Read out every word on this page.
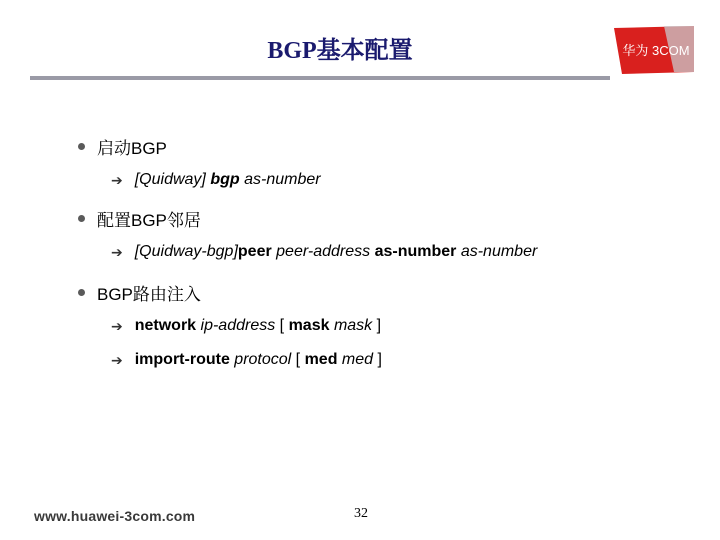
BGP基本配置	华为 3COM
启动BGP
➔ [Quidway] bgp as-number
配置BGP邻居
➔ [Quidway-bgp]peer peer-address as-number as-number
BGP路由注入
➔ network ip-address [ mask mask ]
➔ import-route protocol [ med med ]
www.huawei-3com.com	32
